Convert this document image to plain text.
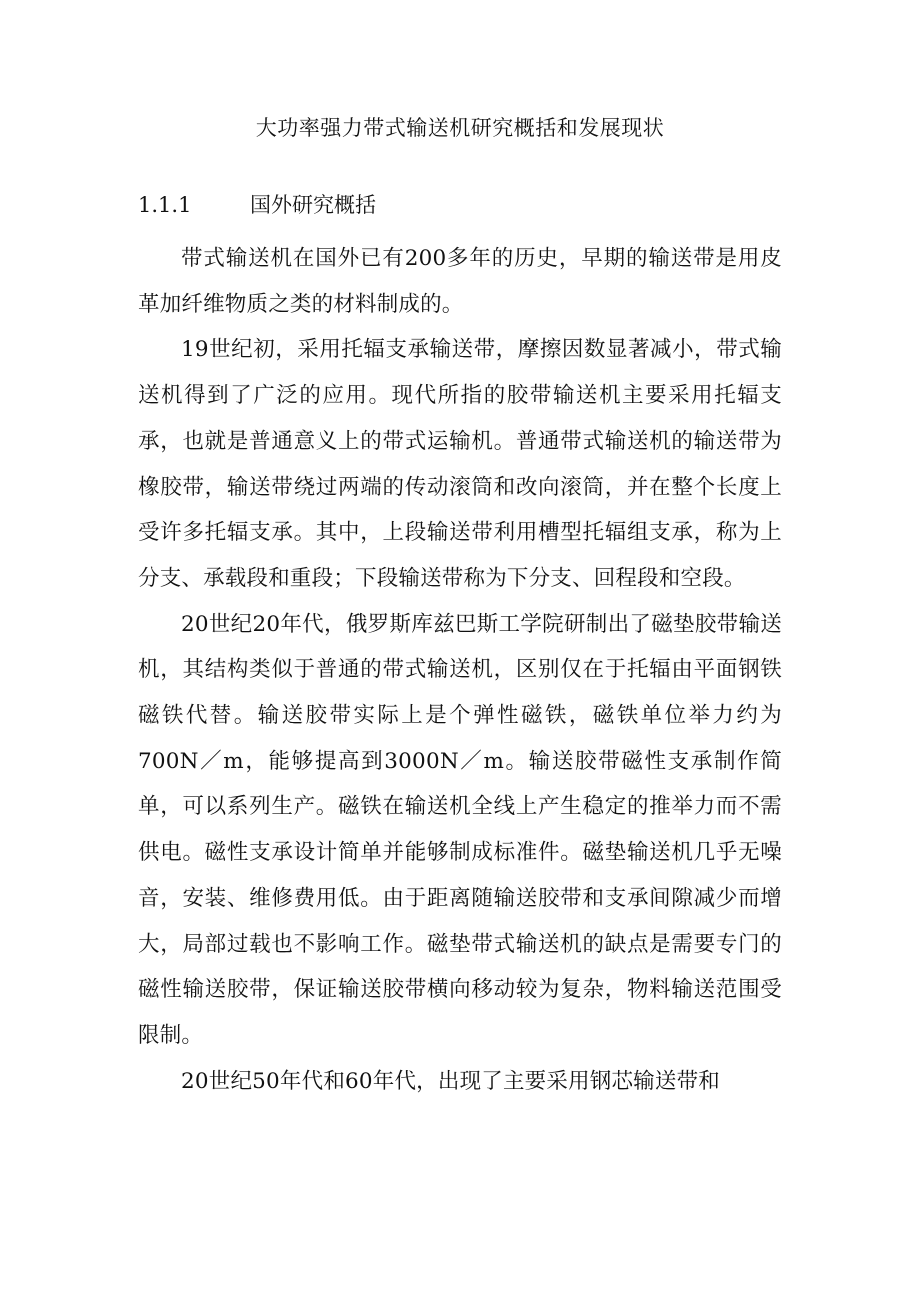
大功率强力带式输送机研究概括和发展现状
1.1.1	国外研究概括

带式输送机在国外已有200多年的历史，早期的输送带是用皮革加纤维物质之类的材料制成的。

19世纪初，采用托辐支承输送带，摩擦因数显著减小，带式输送机得到了广泛的应用。现代所指的胶带输送机主要采用托辐支承，也就是普通意义上的带式运输机。普通带式输送机的输送带为橡胶带，输送带绕过两端的传动滚筒和改向滚筒，并在整个长度上受许多托辐支承。其中，上段输送带利用槽型托辐组支承，称为上分支、承载段和重段；下段输送带称为下分支、回程段和空段。

20世纪20年代，俄罗斯库兹巴斯工学院研制出了磁垫胶带输送机，其结构类似于普通的带式输送机，区别仅在于托辐由平面钢铁磁铁代替。输送胶带实际上是个弹性磁铁，磁铁单位举力约为700N／m，能够提高到3000N／m。输送胶带磁性支承制作简单，可以系列生产。磁铁在输送机全线上产生稳定的推举力而不需供电。磁性支承设计简单并能够制成标准件。磁垫输送机几乎无噪音，安装、维修费用低。由于距离随输送胶带和支承间隙减少而增大，局部过载也不影响工作。磁垫带式输送机的缺点是需要专门的磁性输送胶带，保证输送胶带横向移动较为复杂，物料输送范围受限制。

20世纪50年代和60年代，出现了主要采用钢芯输送带和
